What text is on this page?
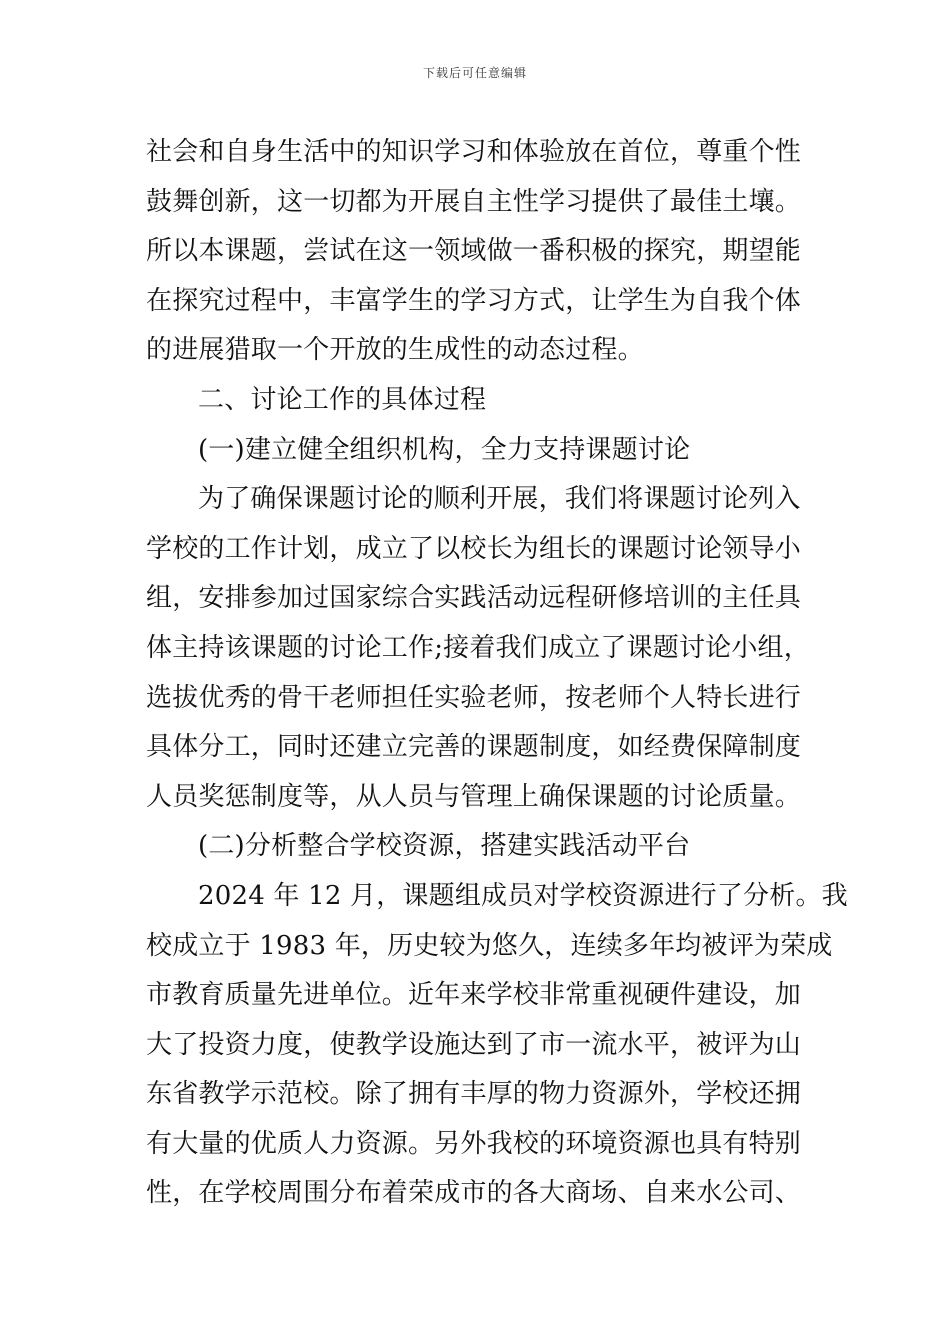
下载后可任意编辑
社会和自身生活中的知识学习和体验放在首位，尊重个性
鼓舞创新，这一切都为开展自主性学习提供了最佳土壤。
所以本课题，尝试在这一领域做一番积极的探究，期望能
在探究过程中，丰富学生的学习方式，让学生为自我个体
的进展猎取一个开放的生成性的动态过程。
二、讨论工作的具体过程
(一)建立健全组织机构，全力支持课题讨论
为了确保课题讨论的顺利开展，我们将课题讨论列入
学校的工作计划，成立了以校长为组长的课题讨论领导小
组，安排参加过国家综合实践活动远程研修培训的主任具
体主持该课题的讨论工作;接着我们成立了课题讨论小组，
选拔优秀的骨干老师担任实验老师，按老师个人特长进行
具体分工，同时还建立完善的课题制度，如经费保障制度
人员奖惩制度等，从人员与管理上确保课题的讨论质量。
(二)分析整合学校资源，搭建实践活动平台
2024 年 12 月，课题组成员对学校资源进行了分析。我
校成立于 1983 年，历史较为悠久，连续多年均被评为荣成
市教育质量先进单位。近年来学校非常重视硬件建设，加
大了投资力度，使教学设施达到了市一流水平，被评为山
东省教学示范校。除了拥有丰厚的物力资源外，学校还拥
有大量的优质人力资源。另外我校的环境资源也具有特别
性，在学校周围分布着荣成市的各大商场、自来水公司、
